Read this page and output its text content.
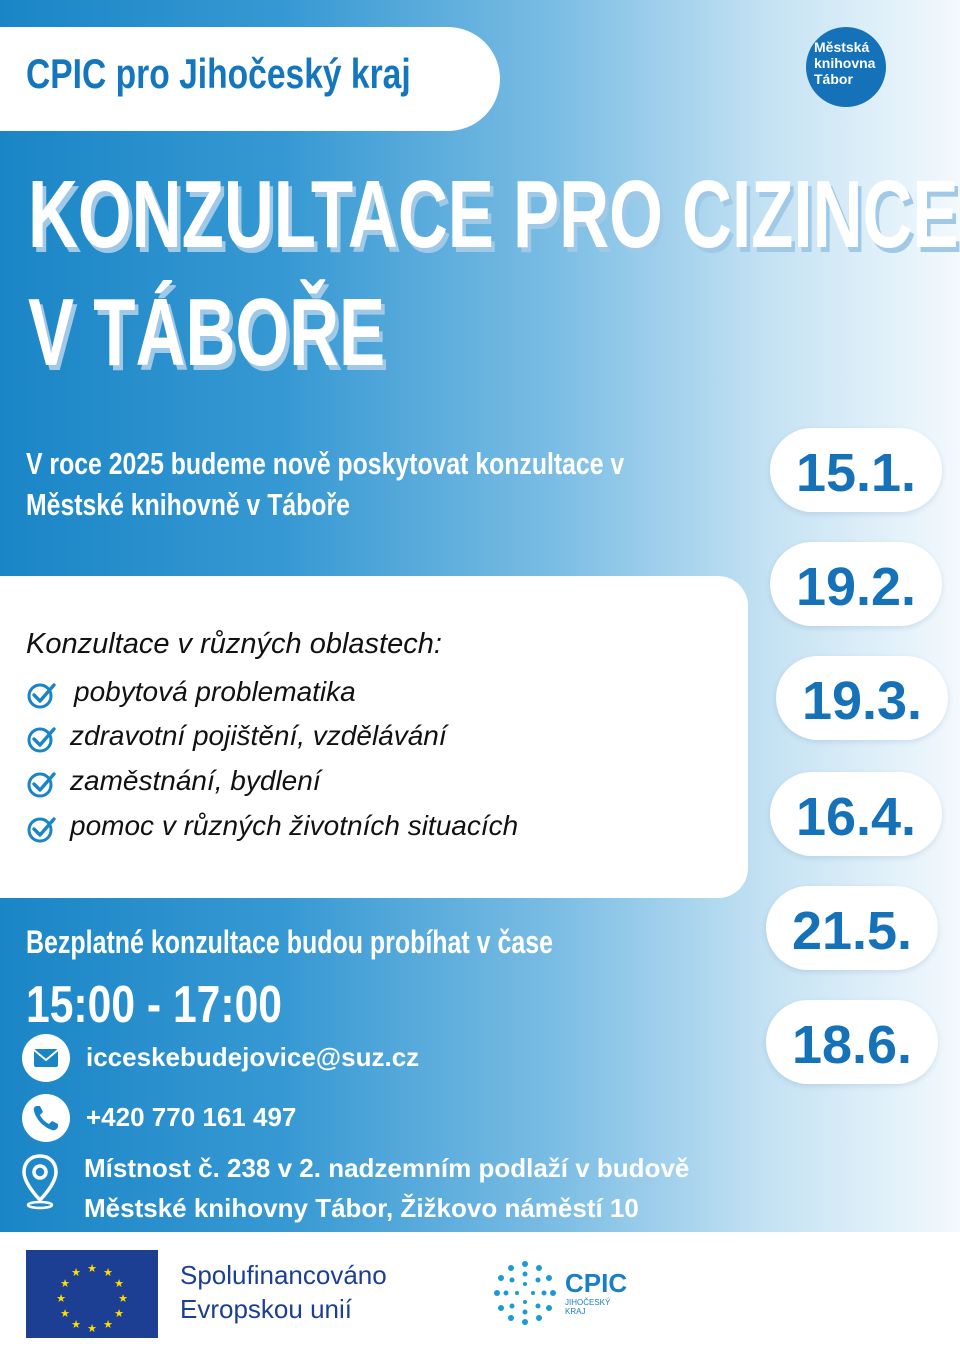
CPIC pro Jihočeský kraj
Městská
knihovna
Tábor
KONZULTACE PRO CIZINCE
V TÁBOŘE
V roce 2025 budeme nově poskytovat konzultace v
Městské knihovně v Táboře
Konzultace v různých oblastech:
pobytová problematika
zdravotní pojištění, vzdělávání
zaměstnání, bydlení
pomoc v různých životních situacích
15.1.
19.2.
19.3.
16.4.
21.5.
18.6.
Bezplatné konzultace budou probíhat v čase
15:00 - 17:00
icceskebudejovice@suz.cz
+420 770 161 497
Místnost č. 238 v 2. nadzemním podlaží v budově
Městské knihovny Tábor, Žižkovo náměstí 10
★ ★
★
★
★
★
★
★
★
★
★
★	Spolufinancováno
Evropskou unií
CPIC
JIHOČESKÝ
KRAJ
